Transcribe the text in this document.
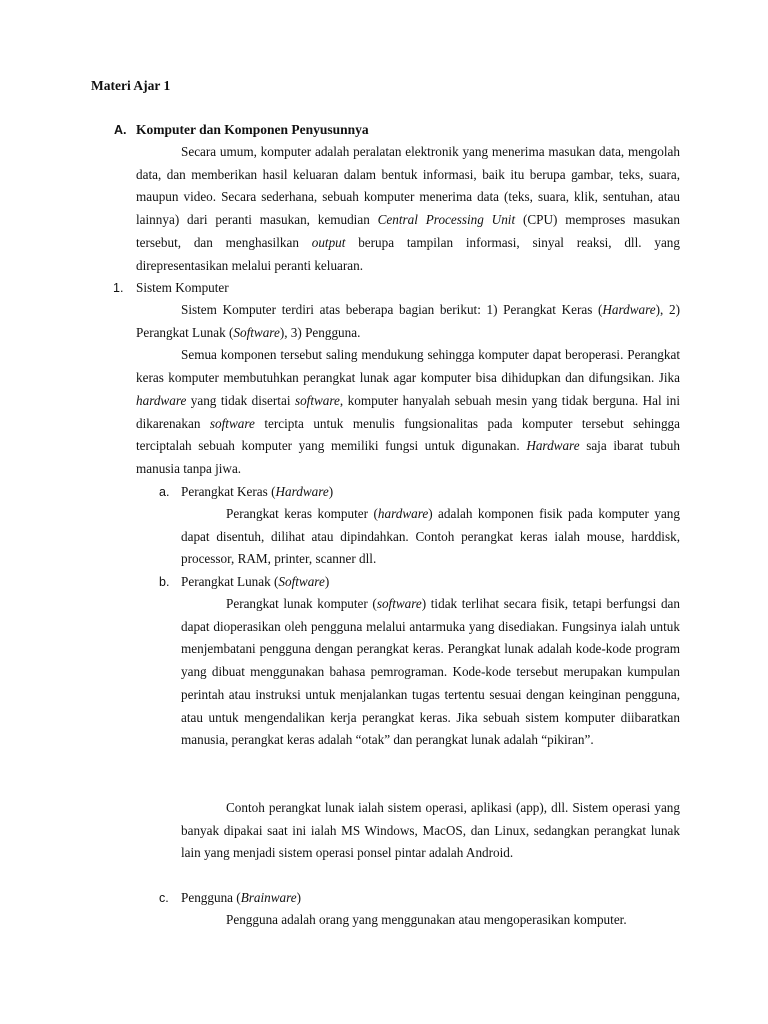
Materi Ajar 1
A. Komputer dan Komponen Penyusunnya

Secara umum, komputer adalah peralatan elektronik yang menerima masukan data, mengolah data, dan memberikan hasil keluaran dalam bentuk informasi, baik itu berupa gambar, teks, suara, maupun video. Secara sederhana, sebuah komputer menerima data (teks, suara, klik, sentuhan, atau lainnya) dari peranti masukan, kemudian Central Processing Unit (CPU) memproses masukan tersebut, dan menghasilkan output berupa tampilan informasi, sinyal reaksi, dll. yang direpresentasikan melalui peranti keluaran.

1. Sistem Komputer

Sistem Komputer terdiri atas beberapa bagian berikut: 1) Perangkat Keras (Hardware), 2) Perangkat Lunak (Software), 3) Pengguna.

Semua komponen tersebut saling mendukung sehingga komputer dapat beroperasi. Perangkat keras komputer membutuhkan perangkat lunak agar komputer bisa dihidupkan dan difungsikan. Jika hardware yang tidak disertai software, komputer hanyalah sebuah mesin yang tidak berguna. Hal ini dikarenakan software tercipta untuk menulis fungsionalitas pada komputer tersebut sehingga terciptalah sebuah komputer yang memiliki fungsi untuk digunakan. Hardware saja ibarat tubuh manusia tanpa jiwa.

a. Perangkat Keras (Hardware)

Perangkat keras komputer (hardware) adalah komponen fisik pada komputer yang dapat disentuh, dilihat atau dipindahkan. Contoh perangkat keras ialah mouse, harddisk, processor, RAM, printer, scanner dll.

b. Perangkat Lunak (Software)

Perangkat lunak komputer (software) tidak terlihat secara fisik, tetapi berfungsi dan dapat dioperasikan oleh pengguna melalui antarmuka yang disediakan. Fungsinya ialah untuk menjembatani pengguna dengan perangkat keras. Perangkat lunak adalah kode-kode program yang dibuat menggunakan bahasa pemrograman. Kode-kode tersebut merupakan kumpulan perintah atau instruksi untuk menjalankan tugas tertentu sesuai dengan keinginan pengguna, atau untuk mengendalikan kerja perangkat keras. Jika sebuah sistem komputer diibaratkan manusia, perangkat keras adalah “otak” dan perangkat lunak adalah “pikiran”.

Contoh perangkat lunak ialah sistem operasi, aplikasi (app), dll. Sistem operasi yang banyak dipakai saat ini ialah MS Windows, MacOS, dan Linux, sedangkan perangkat lunak lain yang menjadi sistem operasi ponsel pintar adalah Android.

c. Pengguna (Brainware)

Pengguna adalah orang yang menggunakan atau mengoperasikan komputer.
